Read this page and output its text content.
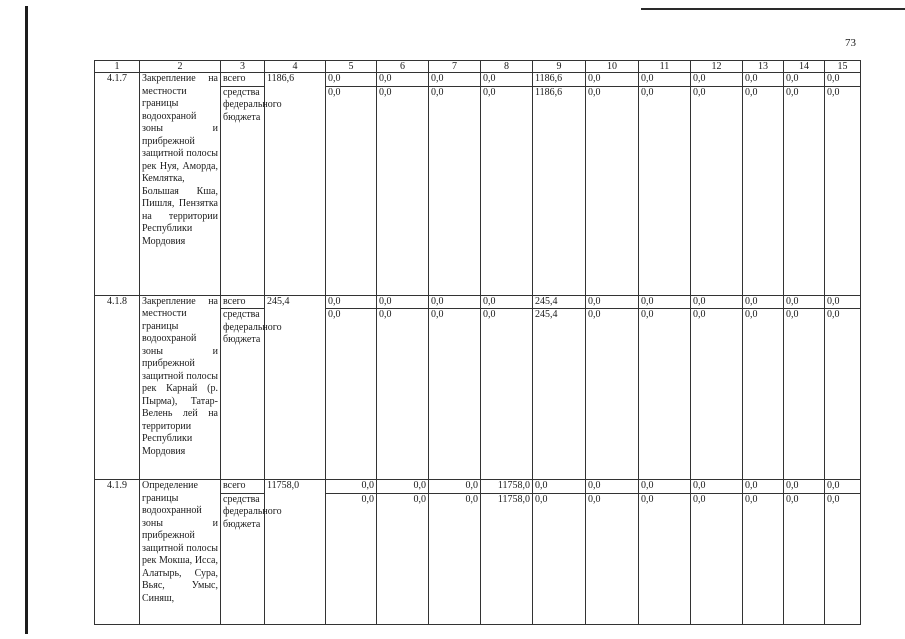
73
1	2	3	4	5	6	7	8	9	10	11	12	13	14	15
4.1.7	Закрепление на местности границы водоохраной зоны и прибрежной защитной полосы рек Нуя, Аморда, Кемлятка, Большая Кша, Пишля, Пензятка на территории Республики Мордовия	всего	1186,6	0,0	0,0	0,0	0,0	1186,6	0,0	0,0	0,0	0,0	0,0	0,0
		средства федерального бюджета		0,0	0,0	0,0	0,0	1186,6	0,0	0,0	0,0	0,0	0,0	0,0
4.1.8	Закрепление на местности границы водоохраной зоны и прибрежной защитной полосы рек Карнай (р. Пырма), Татар-Велень лей на территории Республики Мордовия	всего	245,4	0,0	0,0	0,0	0,0	245,4	0,0	0,0	0,0	0,0	0,0	0,0
		средства федерального бюджета		0,0	0,0	0,0	0,0	245,4	0,0	0,0	0,0	0,0	0,0	0,0
4.1.9	Определение границы водоохранной зоны и прибрежной защитной полосы рек Мокша, Исса, Алатырь, Сура, Вьяс, Умыс, Синяш,	всего	11758,0	0,0	0,0	0,0	11758,0	0,0	0,0	0,0	0,0	0,0	0,0	0,0
		средства федерального бюджета		0,0	0,0	0,0	11758,0	0,0	0,0	0,0	0,0	0,0	0,0	0,0
